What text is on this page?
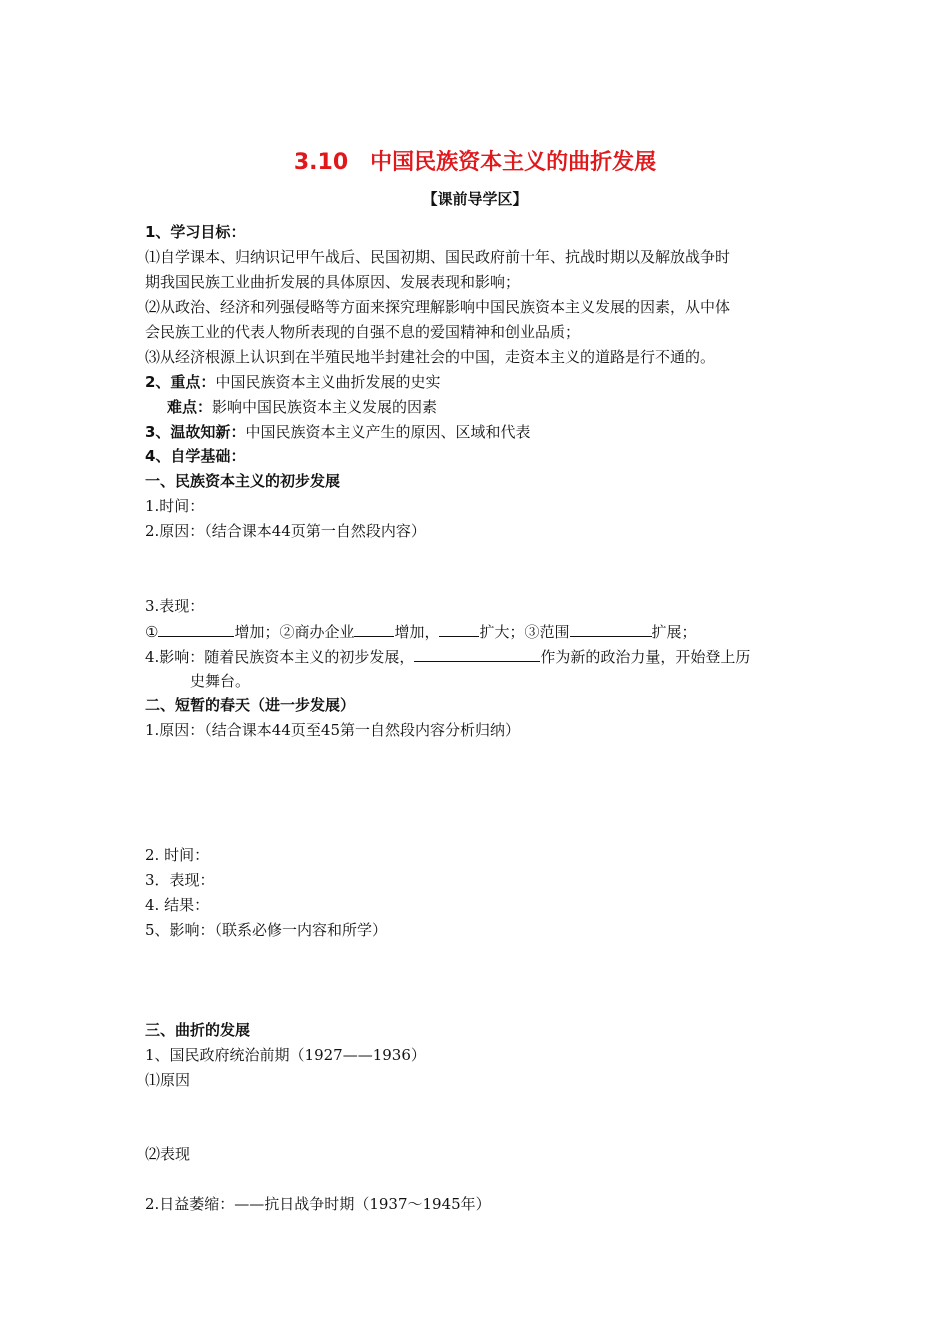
3.10　中国民族资本主义的曲折发展
【课前导学区】
1、学习目标：
⑴自学课本、归纳识记甲午战后、民国初期、国民政府前十年、抗战时期以及解放战争时
期我国民族工业曲折发展的具体原因、发展表现和影响；
⑵从政治、经济和列强侵略等方面来探究理解影响中国民族资本主义发展的因素，从中体
会民族工业的代表人物所表现的自强不息的爱国精神和创业品质；
⑶从经济根源上认识到在半殖民地半封建社会的中国，走资本主义的道路是行不通的。
2、重点：中国民族资本主义曲折发展的史实
难点：影响中国民族资本主义发展的因素
3、温故知新：中国民族资本主义产生的原因、区域和代表
4、自学基础：
一、民族资本主义的初步发展
1.时间：
2.原因：（结合课本44页第一自然段内容）
3.表现：
①	增加；②商办企业	增加，	扩大；③范围	扩展；
4.影响：随着民族资本主义的初步发展，	作为新的政治力量，开始登上历
史舞台。
二、短暂的春天（进一步发展）
1.原因：（结合课本44页至45第一自然段内容分析归纳）
2. 时间：
3．表现：
4. 结果：
5、影响：（联系必修一内容和所学）
三、曲折的发展
1、国民政府统治前期（1927——1936）
⑴原因
⑵表现
2.日益萎缩：——抗日战争时期（1937～1945年）
